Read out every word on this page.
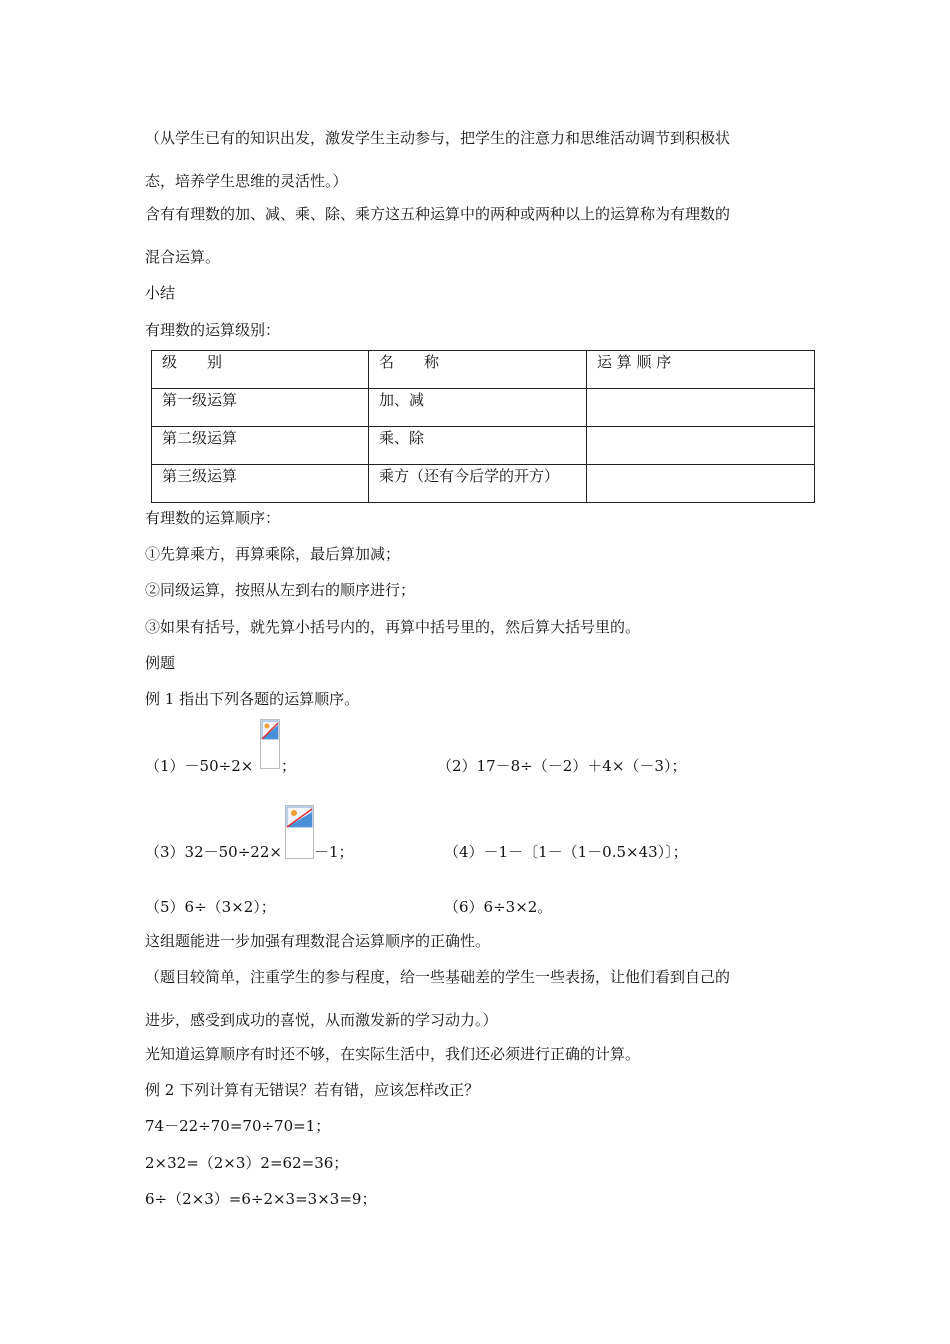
（从学生已有的知识出发，激发学生主动参与，把学生的注意力和思维活动调节到积极状
态，培养学生思维的灵活性。）
含有有理数的加、减、乘、除、乘方这五种运算中的两种或两种以上的运算称为有理数的
混合运算。
小结
有理数的运算级别：
级　　别	名　　称	运 算 顺 序
第一级运算	加、减	
第二级运算	乘、除	
第三级运算	乘方（还有今后学的开方）	
有理数的运算顺序：
①先算乘方，再算乘除，最后算加减；
②同级运算，按照从左到右的顺序进行；
③如果有括号，就先算小括号内的，再算中括号里的，然后算大括号里的。
例题
例 1 指出下列各题的运算顺序。
（1）－50÷2× ；	（2）17－8÷（－2）＋4×（－3）；
（3）32－50÷22× －1；	（4）－1－〔1－（1－0.5×43）〕；
（5）6÷（3×2）；	（6）6÷3×2。
这组题能进一步加强有理数混合运算顺序的正确性。
（题目较简单，注重学生的参与程度，给一些基础差的学生一些表扬，让他们看到自己的
进步，感受到成功的喜悦，从而激发新的学习动力。）
光知道运算顺序有时还不够，在实际生活中，我们还必须进行正确的计算。
例 2 下列计算有无错误？若有错，应该怎样改正？
74－22÷70=70÷70=1；
2×32=（2×3）2=62=36；
6÷（2×3）=6÷2×3=3×3=9；
